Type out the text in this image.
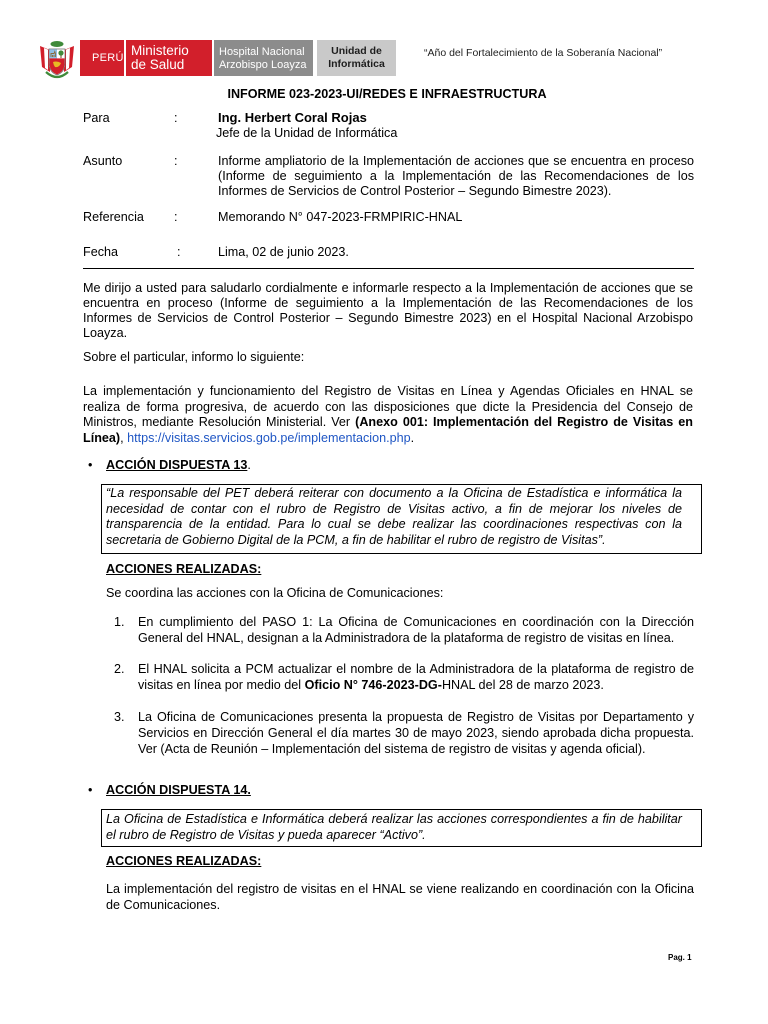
PERÚ Ministerio
de Salud
Hospital Nacional
Arzobispo Loayza
Unidad de
Informática
“Año del Fortalecimiento de la Soberanía Nacional”
INFORME 023-2023-UI/REDES E INFRAESTRUCTURA
Para	:	Ing. Herbert Coral Rojas
Jefe de la Unidad de Informática
Asunto	:	Informe ampliatorio de la Implementación de acciones que se encuentra en proceso (Informe de seguimiento a la Implementación de las Recomendaciones de los Informes de Servicios de Control Posterior – Segundo Bimestre 2023).

Referencia :	Memorando N° 047-2023-FRMPIRIC-HNAL
Fecha	:	Lima, 02 de junio 2023.

Me dirijo a usted para saludarlo cordialmente e informarle respecto a la Implementación de acciones que se encuentra en proceso (Informe de seguimiento a la Implementación de las Recomendaciones de los Informes de Servicios de Control Posterior – Segundo Bimestre 2023) en el Hospital Nacional Arzobispo Loayza.

Sobre el particular, informo lo siguiente:

La implementación y funcionamiento del Registro de Visitas en Línea y Agendas Oficiales en HNAL se realiza de forma progresiva, de acuerdo con las disposiciones que dicte la Presidencia del Consejo de Ministros, mediante Resolución Ministerial. Ver (Anexo 001: Implementación del Registro de Visitas en Línea), https://visitas.servicios.gob.pe/implementacion.php.

• ACCIÓN DISPUESTA 13.
“La responsable del PET deberá reiterar con documento a la Oficina de Estadística e informática la necesidad de contar con el rubro de Registro de Visitas activo, a fin de mejorar los niveles de transparencia de la entidad. Para lo cual se debe realizar las coordinaciones respectivas con la secretaria de Gobierno Digital de la PCM, a fin de habilitar el rubro de registro de Visitas”.
ACCIONES REALIZADAS:

Se coordina las acciones con la Oficina de Comunicaciones:

1. En cumplimiento del PASO 1: La Oficina de Comunicaciones en coordinación con la Dirección General del HNAL, designan a la Administradora de la plataforma de registro de visitas en línea.

2. El HNAL solicita a PCM actualizar el nombre de la Administradora de la plataforma de registro de visitas en línea por medio del Oficio N° 746-2023-DG-HNAL del 28 de marzo 2023.

3. La Oficina de Comunicaciones presenta la propuesta de Registro de Visitas por Departamento y Servicios en Dirección General el día martes 30 de mayo 2023, siendo aprobada dicha propuesta. Ver (Acta de Reunión – Implementación del sistema de registro de visitas y agenda oficial).

• ACCIÓN DISPUESTA 14.
La Oficina de Estadística e Informática deberá realizar las acciones correspondientes a fin de habilitar el rubro de Registro de Visitas y pueda aparecer “Activo”.
ACCIONES REALIZADAS:

La implementación del registro de visitas en el HNAL se viene realizando en coordinación con la Oficina de Comunicaciones.

Pag. 1
